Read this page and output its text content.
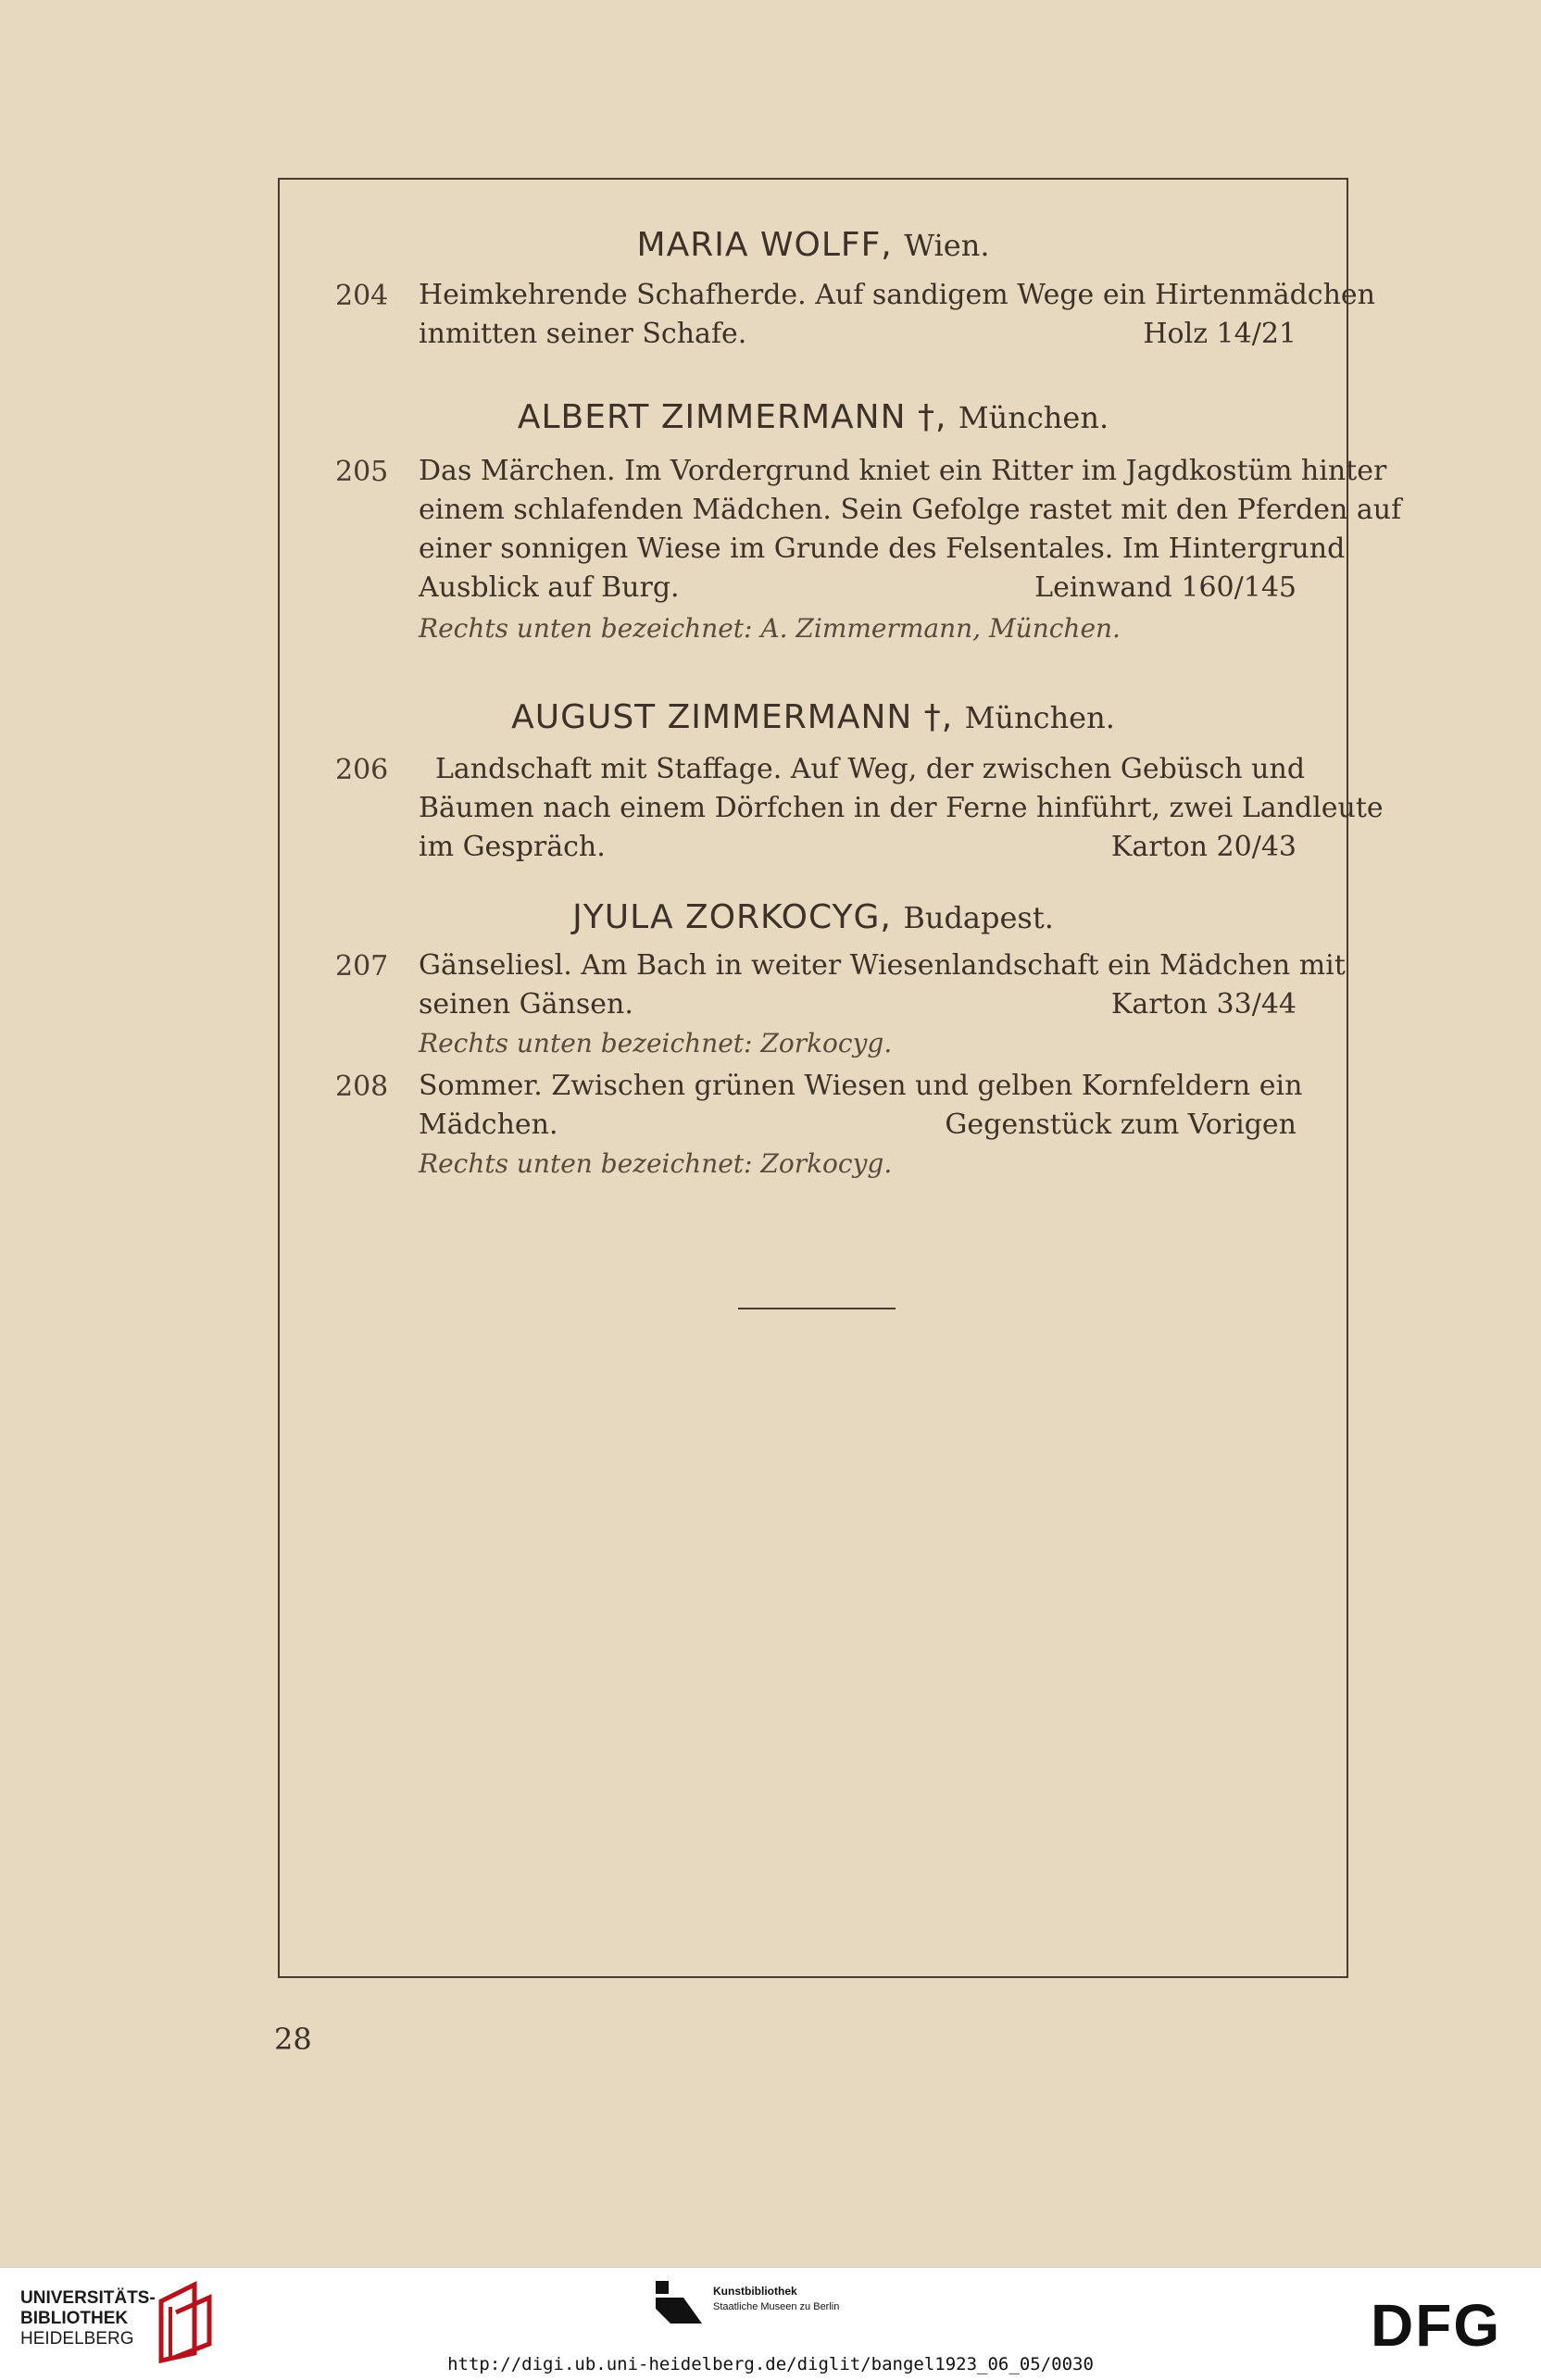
MARIA WOLFF, Wien.
204 Heimkehrende Schafherde. Auf sandigem Wege ein Hirtenmädchen
inmitten seiner Schafe.	Holz 14/21
ALBERT ZIMMERMANN †, München.
205 Das Märchen. Im Vordergrund kniet ein Ritter im Jagdkostüm hinter
einem schlafenden Mädchen. Sein Gefolge rastet mit den Pferden auf
einer sonnigen Wiese im Grunde des Felsentales. Im Hintergrund
Ausblick auf Burg.	Leinwand 160/145
Rechts unten bezeichnet: A. Zimmermann, München.
AUGUST ZIMMERMANN †, München.
206 Landschaft mit Staffage. Auf Weg, der zwischen Gebüsch und
Bäumen nach einem Dörfchen in der Ferne hinführt, zwei Landleute
im Gespräch.	Karton 20/43
JYULA ZORKOCYG, Budapest.
207 Gänseliesl. Am Bach in weiter Wiesenlandschaft ein Mädchen mit
seinen Gänsen.	Karton 33/44
Rechts unten bezeichnet: Zorkocyg.
208 Sommer. Zwischen grünen Wiesen und gelben Kornfeldern ein
Mädchen.	Gegenstück zum Vorigen
Rechts unten bezeichnet: Zorkocyg.
28
UNIVERSITÄTS-
BIBLIOTHEK
HEIDELBERG
Kunstbibliothek
Staatliche Museen zu Berlin	DFG
http://digi.ub.uni-heidelberg.de/diglit/bangel1923_06_05/0030
